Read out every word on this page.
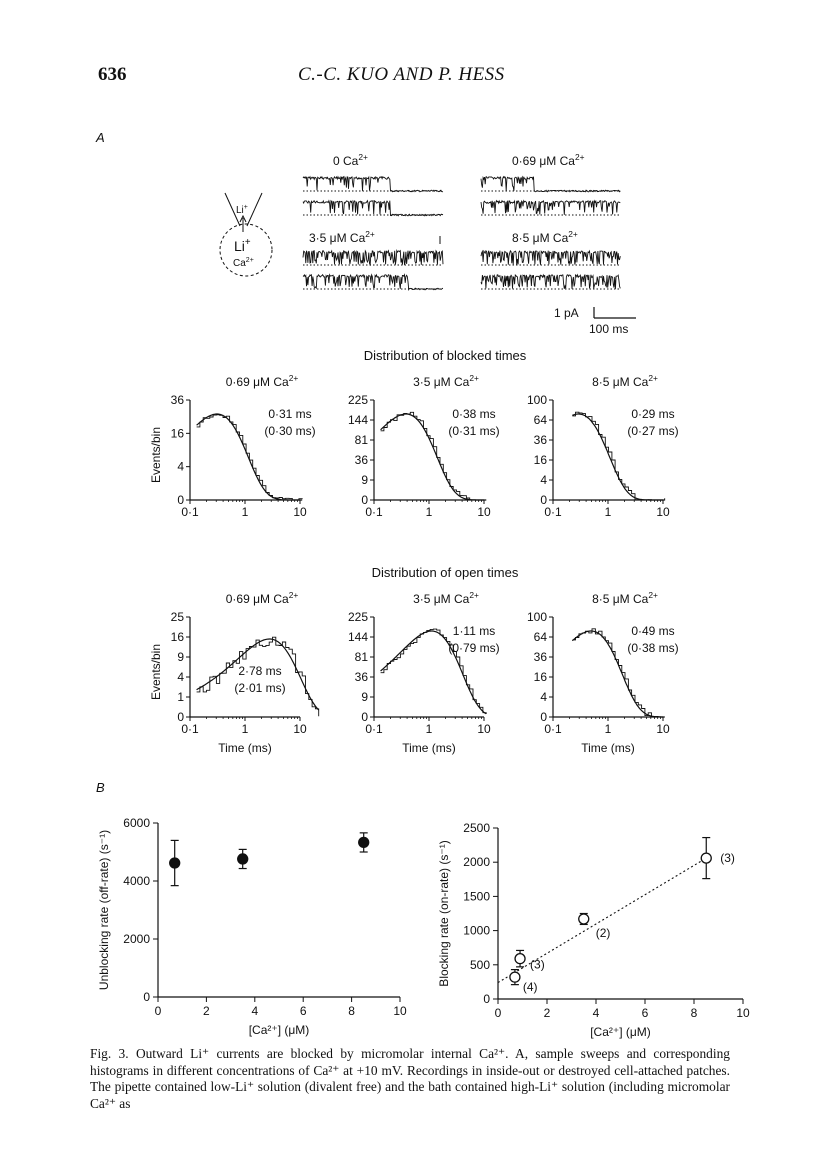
636	C.-C. KUO AND P. HESS
A
B
0 $Ca^{2+}$	0·69 μM $Ca^{2+}$
3·5 μM $Ca^{2+}$	8·5 μM $Ca^{2+}$
Li+
Li+
$Ca^{2+}$
1 pA
100 ms
Distribution of blocked times
0·69 μM $Ca^{2+}$
36
16
4
0
0·1	1	10
0·31 ms
(0·30 ms)
3·5 μM $Ca^{2+}$
225
144
81
36
9
0
0·1	1	10
0·38 ms
(0·31 ms)
8·5 μM $Ca^{2+}$
100
64
36
16
4
0
0·1	1	10
0·29 ms
(0·27 ms)
Events/bin
Distribution of open times
0·69 μM $Ca^{2+}$
25
16
9
4
1
0
0·1	1	10
2·78 ms
(2·01 ms)
3·5 μM $Ca^{2+}$
225
144
81
36
9
0
0·1	1	10
1·11 ms
(0·79 ms)
8·5 μM $Ca^{2+}$
100
64
36
16
4
0
0·1	1	10
0·49 ms
(0·38 ms)
Events/bin
Time (ms)	Time (ms)	Time (ms)
0
2000
4000
6000
0	2	4	6	8	10
[Ca²⁺] (μM)
Unblocking rate (off-rate) (s⁻¹)
0
500
1000
1500
2000
2500
0	2	4	6	8	10
[Ca²⁺] (μM)
Blocking rate (on-rate) (s⁻¹)
(4)
(3)
(2)
(3)
Fig. 3. Outward Li⁺ currents are blocked by micromolar internal Ca²⁺. A, sample sweeps and corresponding histograms in different concentrations of Ca²⁺ at +10 mV. Recordings in inside-out or destroyed cell-attached patches. The pipette contained low-Li⁺ solution (divalent free) and the bath contained high-Li⁺ solution (including micromolar Ca²⁺ as
